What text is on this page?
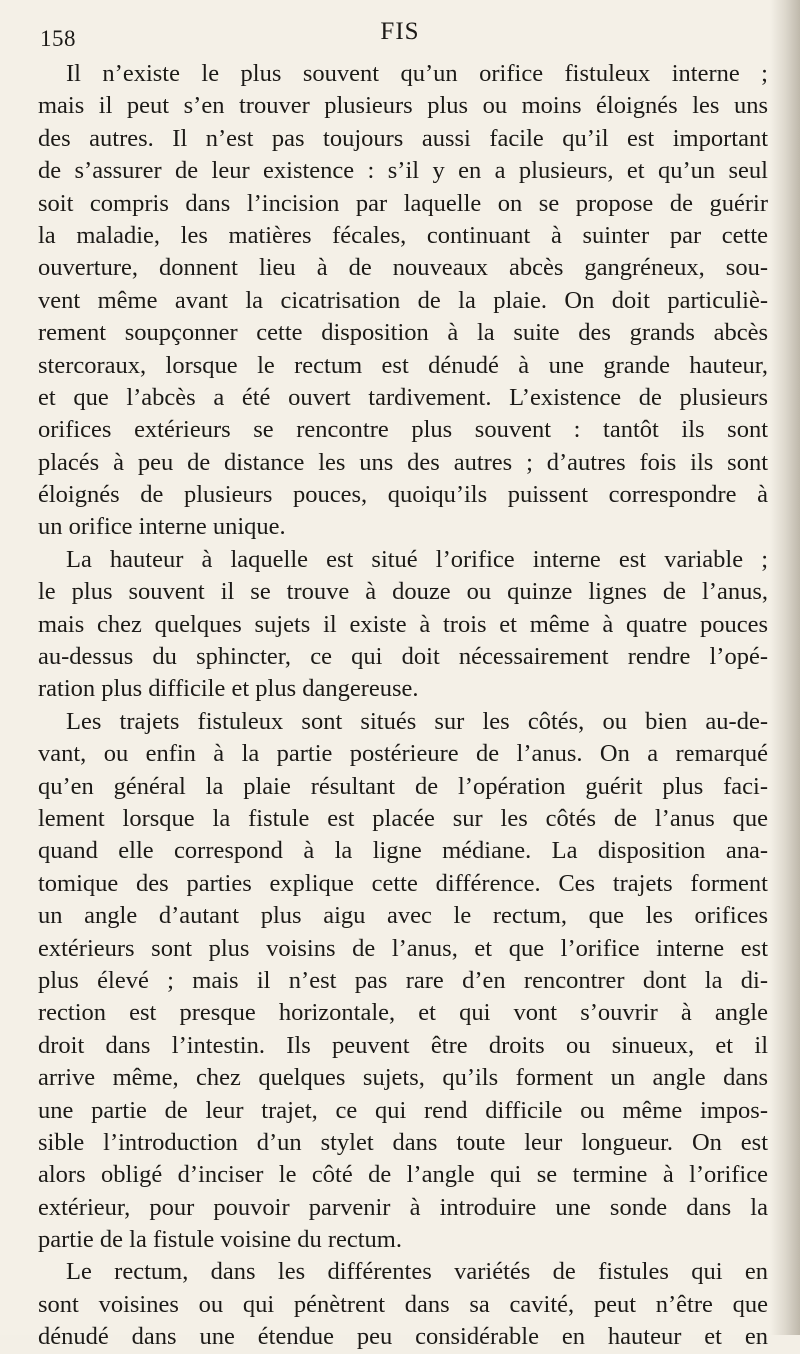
158	FIS
Il n’existe le plus souvent qu’un orifice fistuleux interne ;
mais il peut s’en trouver plusieurs plus ou moins éloignés les uns
des autres. Il n’est pas toujours aussi facile qu’il est important
de s’assurer de leur existence : s’il y en a plusieurs, et qu’un seul
soit compris dans l’incision par laquelle on se propose de guérir
la maladie, les matières fécales, continuant à suinter par cette
ouverture, donnent lieu à de nouveaux abcès gangréneux, sou-
vent même avant la cicatrisation de la plaie. On doit particuliè-
rement soupçonner cette disposition à la suite des grands abcès
stercoraux, lorsque le rectum est dénudé à une grande hauteur,
et que l’abcès a été ouvert tardivement. L’existence de plusieurs
orifices extérieurs se rencontre plus souvent : tantôt ils sont
placés à peu de distance les uns des autres ; d’autres fois ils sont
éloignés de plusieurs pouces, quoiqu’ils puissent correspondre à
un orifice interne unique.
La hauteur à laquelle est situé l’orifice interne est variable ;
le plus souvent il se trouve à douze ou quinze lignes de l’anus,
mais chez quelques sujets il existe à trois et même à quatre pouces
au-dessus du sphincter, ce qui doit nécessairement rendre l’opé-
ration plus difficile et plus dangereuse.
Les trajets fistuleux sont situés sur les côtés, ou bien au-de-
vant, ou enfin à la partie postérieure de l’anus. On a remarqué
qu’en général la plaie résultant de l’opération guérit plus faci-
lement lorsque la fistule est placée sur les côtés de l’anus que
quand elle correspond à la ligne médiane. La disposition ana-
tomique des parties explique cette différence. Ces trajets forment
un angle d’autant plus aigu avec le rectum, que les orifices
extérieurs sont plus voisins de l’anus, et que l’orifice interne est
plus élevé ; mais il n’est pas rare d’en rencontrer dont la di-
rection est presque horizontale, et qui vont s’ouvrir à angle
droit dans l’intestin. Ils peuvent être droits ou sinueux, et il
arrive même, chez quelques sujets, qu’ils forment un angle dans
une partie de leur trajet, ce qui rend difficile ou même impos-
sible l’introduction d’un stylet dans toute leur longueur. On est
alors obligé d’inciser le côté de l’angle qui se termine à l’orifice
extérieur, pour pouvoir parvenir à introduire une sonde dans la
partie de la fistule voisine du rectum.
Le rectum, dans les différentes variétés de fistules qui en
sont voisines ou qui pénètrent dans sa cavité, peut n’être que
dénudé dans une étendue peu considérable en hauteur et en
